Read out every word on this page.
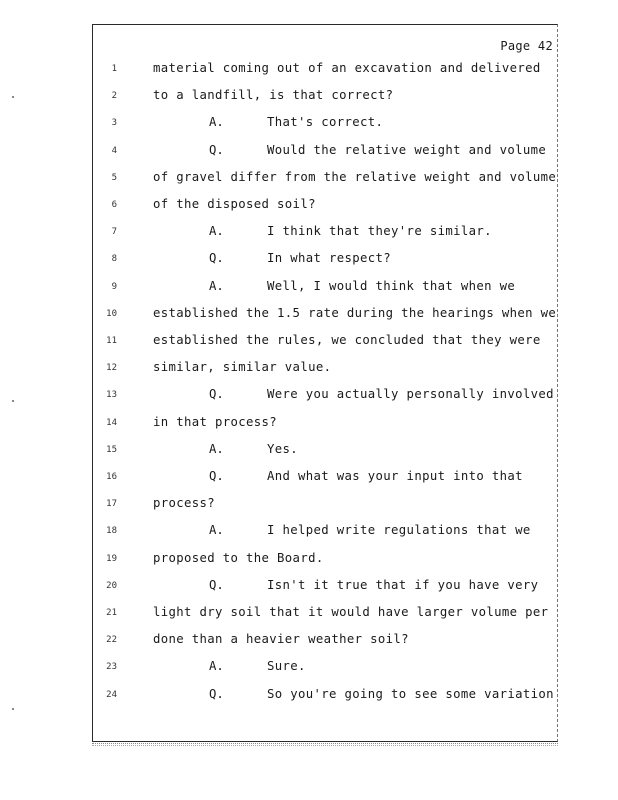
Page 42
1	material coming out of an excavation and delivered
2	to a landfill, is that correct?
3	A.	That's correct.
4	Q.	Would the relative weight and volume
5	of gravel differ from the relative weight and volume
6	of the disposed soil?
7	A.	I think that they're similar.
8	Q.	In what respect?
9	A.	Well, I would think that when we
10	established the 1.5 rate during the hearings when we
11	established the rules, we concluded that they were
12	similar, similar value.
13	Q.	Were you actually personally involved
14	in that process?
15	A.	Yes.
16	Q.	And what was your input into that
17	process?
18	A.	I helped write regulations that we
19	proposed to the Board.
20	Q.	Isn't it true that if you have very
21	light dry soil that it would have larger volume per
22	done than a heavier weather soil?
23	A.	Sure.
24	Q.	So you're going to see some variation
